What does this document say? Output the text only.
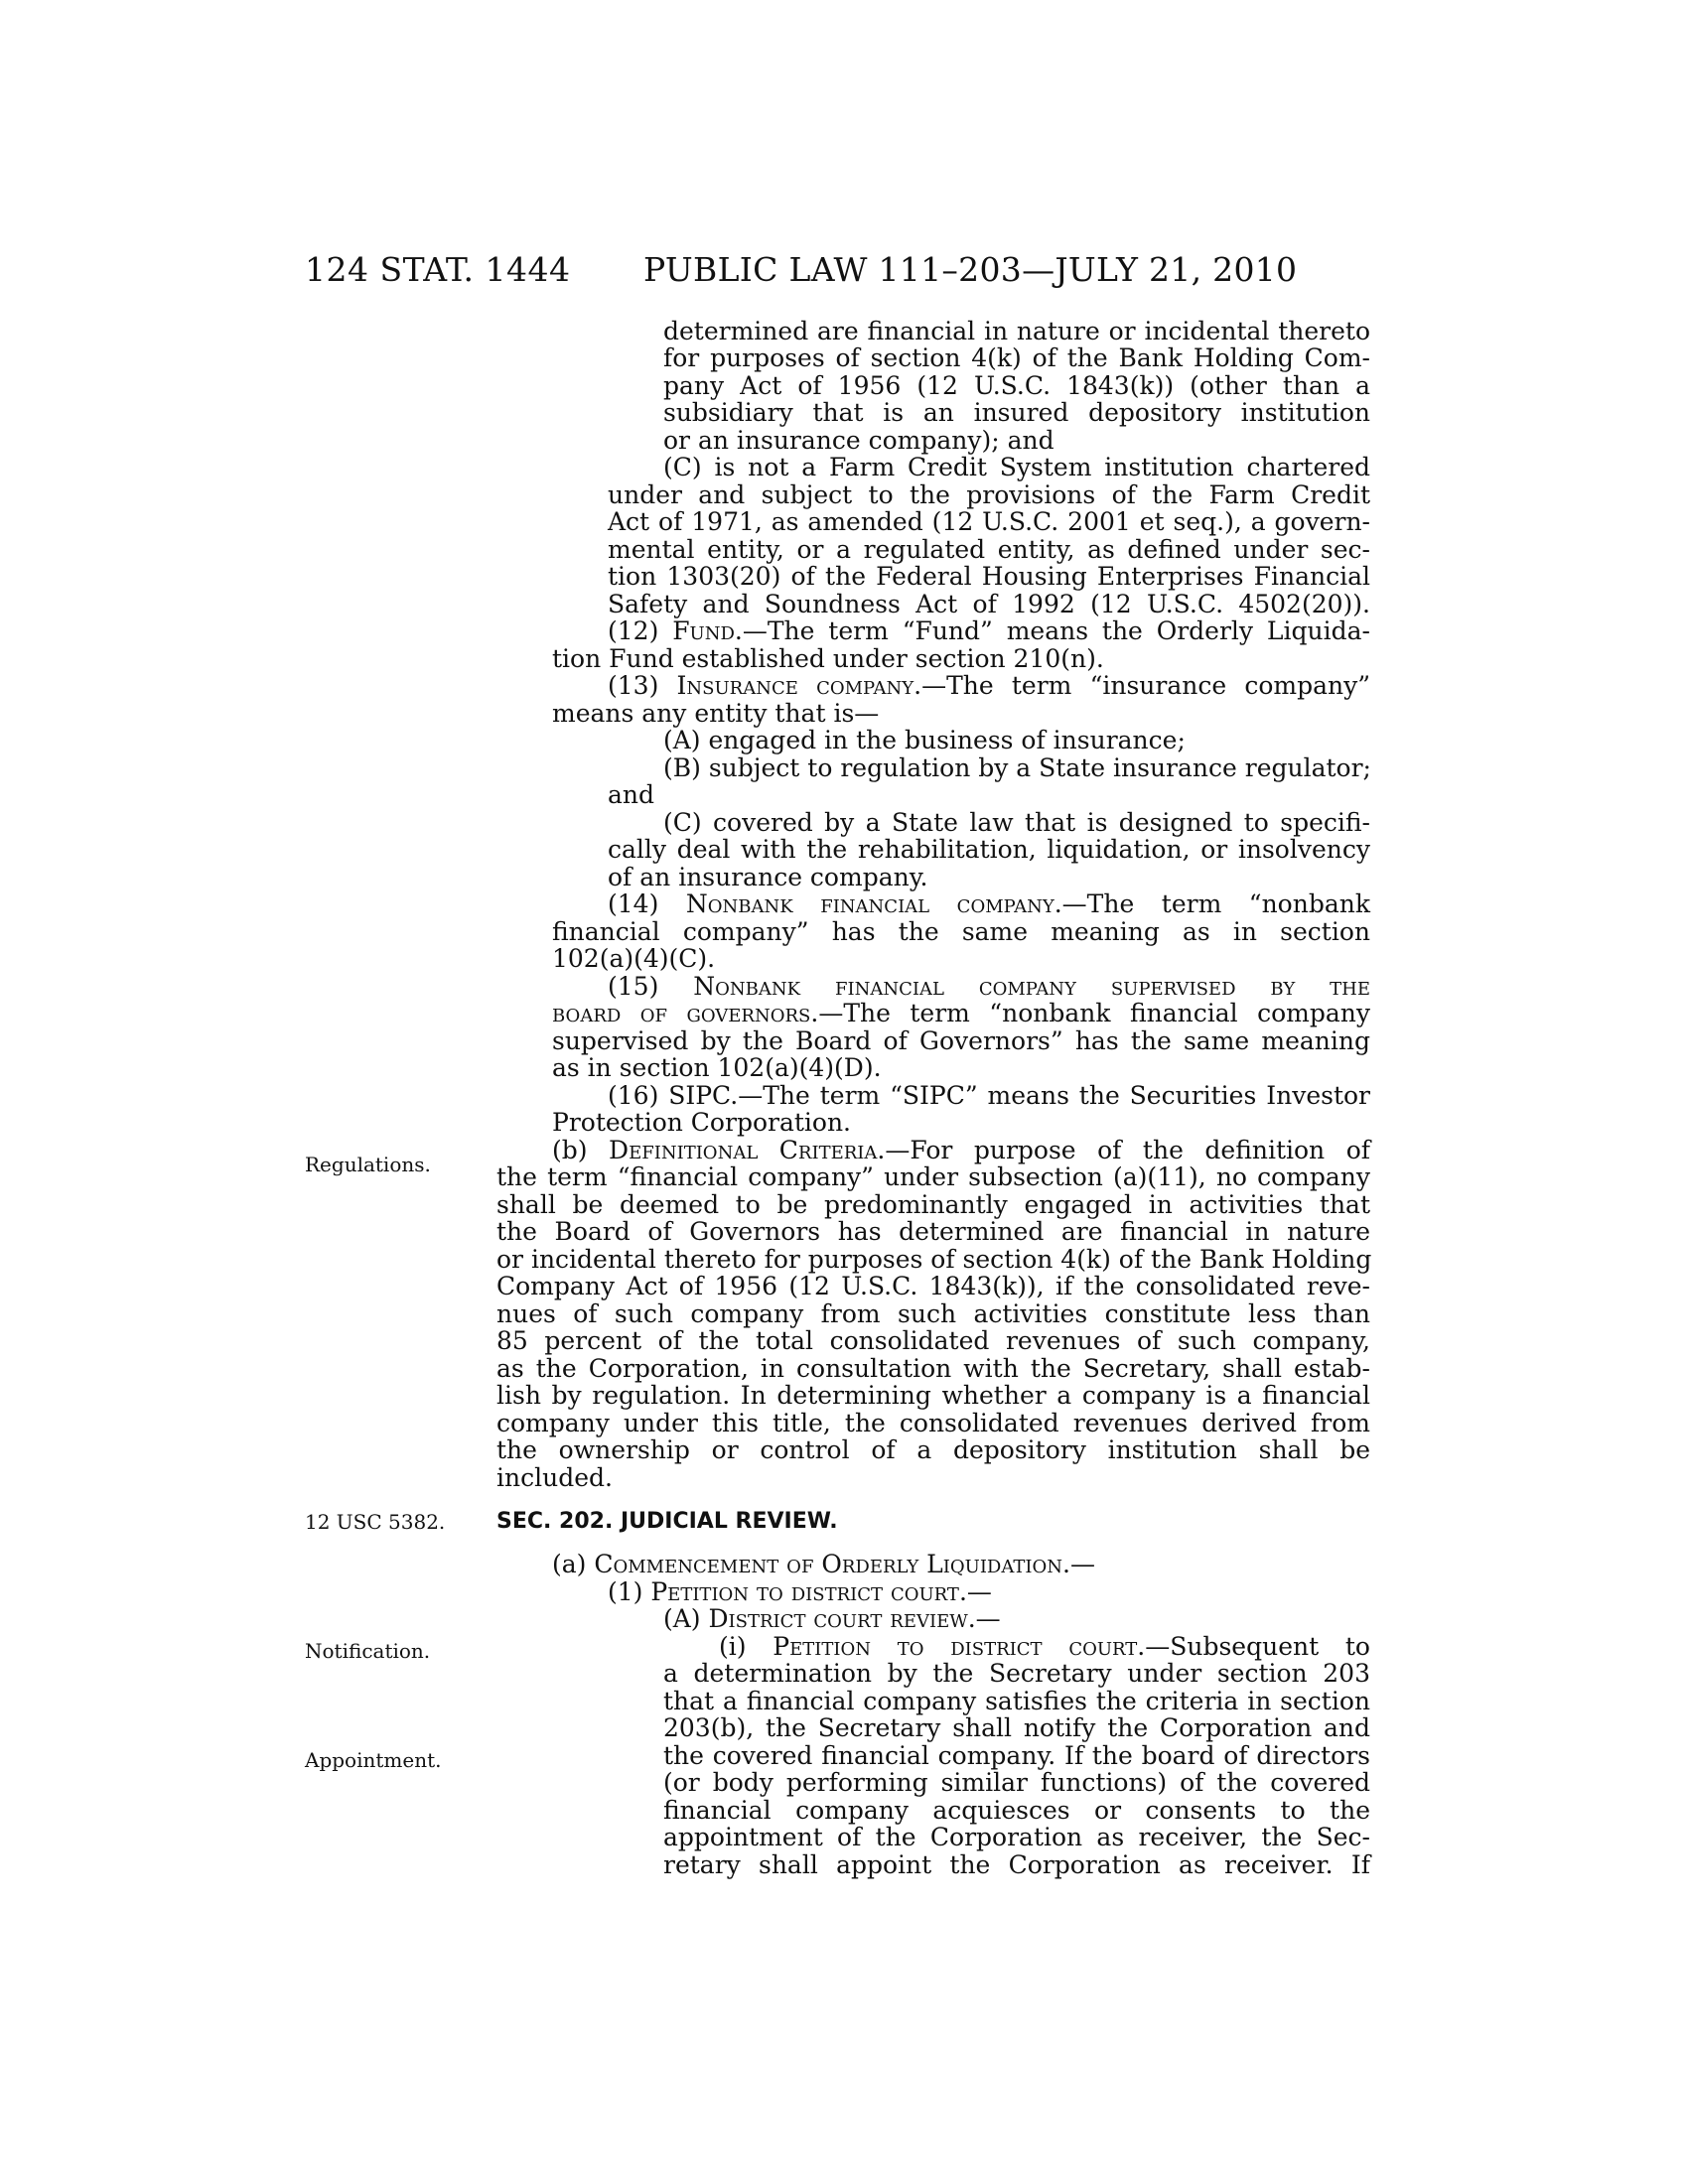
124 STAT. 1444 PUBLIC LAW 111–203—JULY 21, 2010
Regulations.
12 USC 5382.
Notification.
Appointment.
determined are financial in nature or incidental thereto
for purposes of section 4(k) of the Bank Holding Com-
pany Act of 1956 (12 U.S.C. 1843(k)) (other than a
subsidiary that is an insured depository institution
or an insurance company); and
(C) is not a Farm Credit System institution chartered
under and subject to the provisions of the Farm Credit
Act of 1971, as amended (12 U.S.C. 2001 et seq.), a govern-
mental entity, or a regulated entity, as defined under sec-
tion 1303(20) of the Federal Housing Enterprises Financial
Safety and Soundness Act of 1992 (12 U.S.C. 4502(20)).
(12) Fund.—The term “Fund” means the Orderly Liquida-
tion Fund established under section 210(n).
(13) Insurance company.—The term “insurance company”
means any entity that is—
(A) engaged in the business of insurance;
(B) subject to regulation by a State insurance regulator;
and
(C) covered by a State law that is designed to specifi-
cally deal with the rehabilitation, liquidation, or insolvency
of an insurance company.
(14) Nonbank financial company.—The term “nonbank
financial company” has the same meaning as in section
102(a)(4)(C).
(15) Nonbank financial company supervised by the
board of governors.—The term “nonbank financial company
supervised by the Board of Governors” has the same meaning
as in section 102(a)(4)(D).
(16) SIPC.—The term “SIPC” means the Securities Investor
Protection Corporation.
(b) Definitional Criteria.—For purpose of the definition of
the term “financial company” under subsection (a)(11), no company
shall be deemed to be predominantly engaged in activities that
the Board of Governors has determined are financial in nature
or incidental thereto for purposes of section 4(k) of the Bank Holding
Company Act of 1956 (12 U.S.C. 1843(k)), if the consolidated reve-
nues of such company from such activities constitute less than
85 percent of the total consolidated revenues of such company,
as the Corporation, in consultation with the Secretary, shall estab-
lish by regulation. In determining whether a company is a financial
company under this title, the consolidated revenues derived from
the ownership or control of a depository institution shall be
included.
SEC. 202. JUDICIAL REVIEW.
(a) Commencement of Orderly Liquidation.—
(1) Petition to district court.—
(A) District court review.—
(i) Petition to district court.—Subsequent to
a determination by the Secretary under section 203
that a financial company satisfies the criteria in section
203(b), the Secretary shall notify the Corporation and
the covered financial company. If the board of directors
(or body performing similar functions) of the covered
financial company acquiesces or consents to the
appointment of the Corporation as receiver, the Sec-
retary shall appoint the Corporation as receiver. If
